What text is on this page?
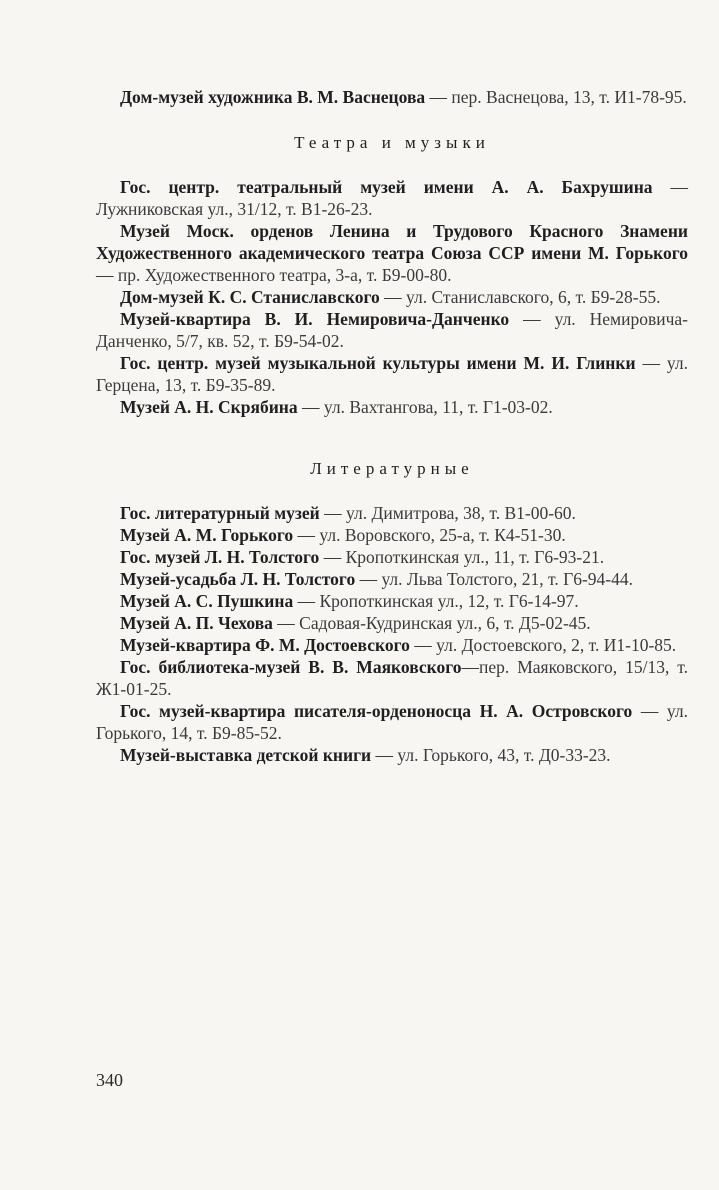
Дом-музей художника В. М. Васнецова — пер. Васнецова, 13, т. И1-78-95.

Театра и музыки

Гос. центр. театральный музей имени А. А. Бахрушина — Лужниковская ул., 31/12, т. В1-26-23.

Музей Моск. орденов Ленина и Трудового Красного Знамени Художественного академического театра Союза ССР имени М. Горького — пр. Художественного театра, 3-а, т. Б9-00-80.

Дом-музей К. С. Станиславского — ул. Станиславского, 6, т. Б9-28-55.

Музей-квартира В. И. Немировича-Данченко — ул. Немировича-Данченко, 5/7, кв. 52, т. Б9-54-02.

Гос. центр. музей музыкальной культуры имени М. И. Глинки — ул. Герцена, 13, т. Б9-35-89.

Музей А. Н. Скрябина — ул. Вахтангова, 11, т. Г1-03-02.

Литературные

Гос. литературный музей — ул. Димитрова, 38, т. В1-00-60.

Музей А. М. Горького — ул. Воровского, 25-а, т. К4-51-30.

Гос. музей Л. Н. Толстого — Кропоткинская ул., 11, т. Г6-93-21.

Музей-усадьба Л. Н. Толстого — ул. Льва Толстого, 21, т. Г6-94-44.

Музей А. С. Пушкина — Кропоткинская ул., 12, т. Г6-14-97.

Музей А. П. Чехова — Садовая-Кудринская ул., 6, т. Д5-02-45.

Музей-квартира Ф. М. Достоевского — ул. Достоевского, 2, т. И1-10-85.

Гос. библиотека-музей В. В. Маяковского—пер. Маяковского, 15/13, т. Ж1-01-25.

Гос. музей-квартира писателя-орденоносца Н. А. Островского — ул. Горького, 14, т. Б9-85-52.

Музей-выставка детской книги — ул. Горького, 43, т. Д0-33-23.

340
